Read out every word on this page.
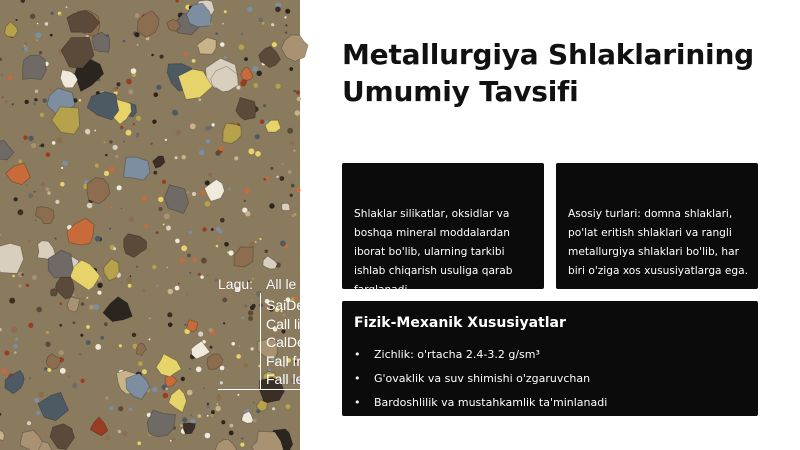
Lagu: All le
SaiDe
Call li
CalDe
Fall fr
Fall le
Metallurgiya Shlaklarining Umumiy Tavsifi
Shlaklar silikatlar, oksidlar va boshqa mineral moddalardan iborat bo'lib, ularning tarkibi ishlab chiqarish usuliga qarab farqlanadi.
Asosiy turlari: domna shlaklari, po'lat eritish shlaklari va rangli metallurgiya shlaklari bo'lib, har biri o'ziga xos xususiyatlarga ega.
Fizik-Mexanik Xususiyatlar
• Zichlik: o'rtacha 2.4-3.2 g/sm³
• G'ovaklik va suv shimishi o'zgaruvchan
• Bardoshlilik va mustahkamlik ta'minlanadi
